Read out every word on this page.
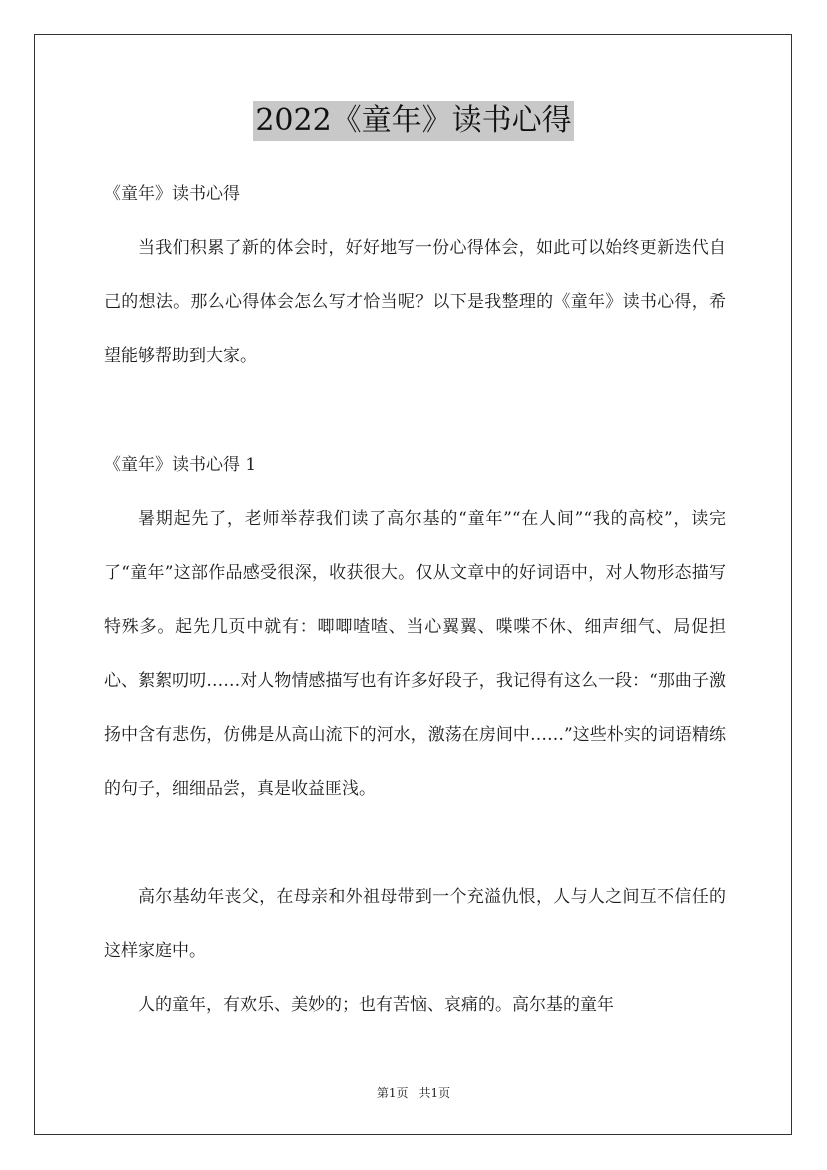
2022《童年》读书心得
《童年》读书心得

当我们积累了新的体会时，好好地写一份心得体会，如此可以始终更新迭代自己的想法。那么心得体会怎么写才恰当呢？以下是我整理的《童年》读书心得，希望能够帮助到大家。

《童年》读书心得 1

暑期起先了，老师举荐我们读了高尔基的“童年”“在人间”“我的高校”，读完了“童年”这部作品感受很深，收获很大。仅从文章中的好词语中，对人物形态描写特殊多。起先几页中就有：唧唧喳喳、当心翼翼、喋喋不休、细声细气、局促担心、絮絮叨叨……对人物情感描写也有许多好段子，我记得有这么一段：“那曲子激扬中含有悲伤，仿佛是从高山流下的河水，激荡在房间中……”这些朴实的词语精练的句子，细细品尝，真是收益匪浅。

高尔基幼年丧父，在母亲和外祖母带到一个充溢仇恨，人与人之间互不信任的这样家庭中。

人的童年，有欢乐、美妙的；也有苦恼、哀痛的。高尔基的童年

第1页 共1页
